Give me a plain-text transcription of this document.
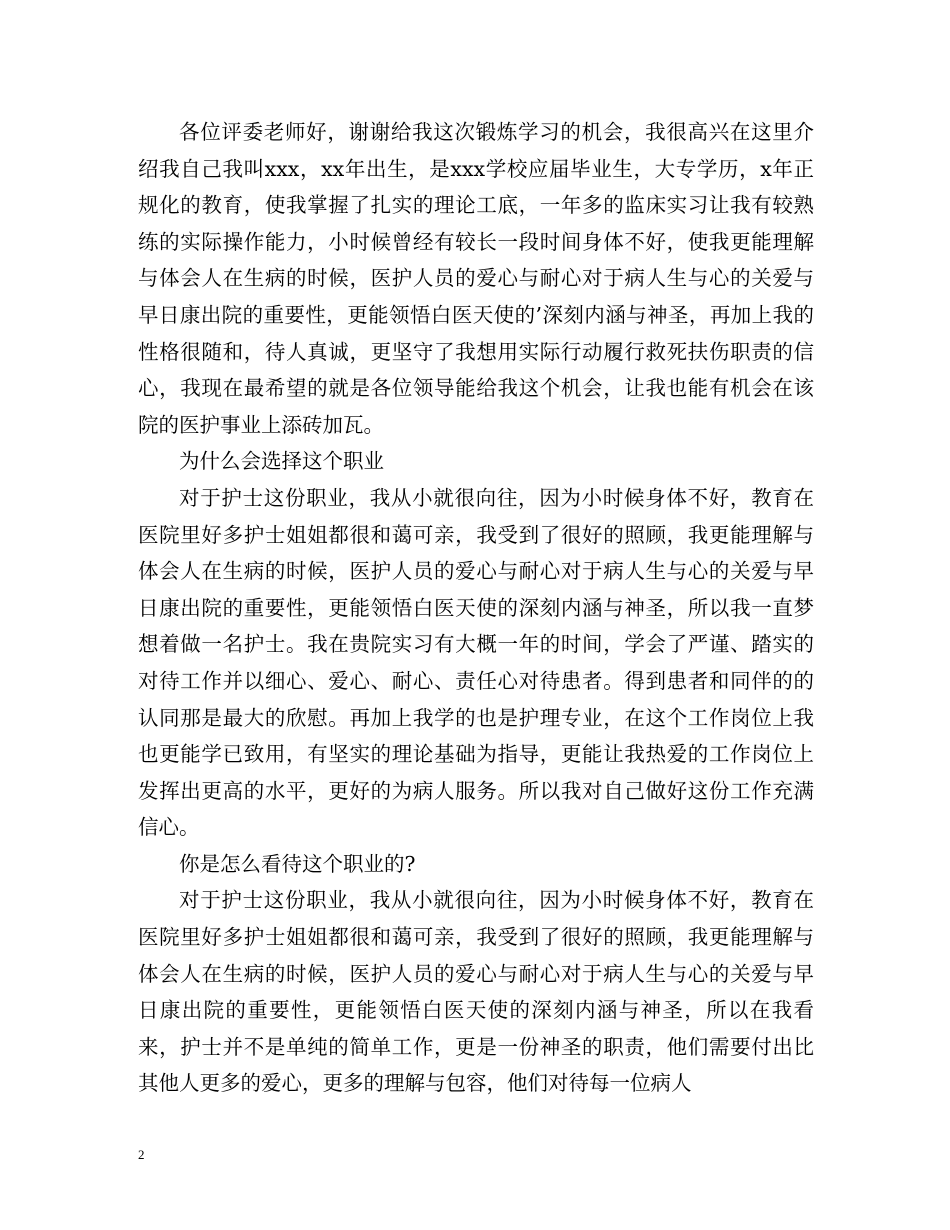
各位评委老师好，谢谢给我这次锻炼学习的机会，我很高兴在这里介绍我自己我叫xxx，xx年出生，是xxx学校应届毕业生，大专学历，x年正规化的教育，使我掌握了扎实的理论工底，一年多的监床实习让我有较熟练的实际操作能力，小时候曾经有较长一段时间身体不好，使我更能理解与体会人在生病的时候，医护人员的爱心与耐心对于病人生与心的关爱与早日康出院的重要性，更能领悟白医天使的’深刻内涵与神圣，再加上我的性格很随和，待人真诚，更坚守了我想用实际行动履行救死扶伤职责的信心，我现在最希望的就是各位领导能给我这个机会，让我也能有机会在该院的医护事业上添砖加瓦。

为什么会选择这个职业

对于护士这份职业，我从小就很向往，因为小时候身体不好，教育在医院里好多护士姐姐都很和蔼可亲，我受到了很好的照顾，我更能理解与体会人在生病的时候，医护人员的爱心与耐心对于病人生与心的关爱与早日康出院的重要性，更能领悟白医天使的深刻内涵与神圣，所以我一直梦想着做一名护士。我在贵院实习有大概一年的时间，学会了严谨、踏实的对待工作并以细心、爱心、耐心、责任心对待患者。得到患者和同伴的的认同那是最大的欣慰。再加上我学的也是护理专业，在这个工作岗位上我也更能学已致用，有坚实的理论基础为指导，更能让我热爱的工作岗位上发挥出更高的水平，更好的为病人服务。所以我对自己做好这份工作充满信心。

你是怎么看待这个职业的?

对于护士这份职业，我从小就很向往，因为小时候身体不好，教育在医院里好多护士姐姐都很和蔼可亲，我受到了很好的照顾，我更能理解与体会人在生病的时候，医护人员的爱心与耐心对于病人生与心的关爱与早日康出院的重要性，更能领悟白医天使的深刻内涵与神圣，所以在我看来，护士并不是单纯的简单工作，更是一份神圣的职责，他们需要付出比其他人更多的爱心，更多的理解与包容，他们对待每一位病人

2
